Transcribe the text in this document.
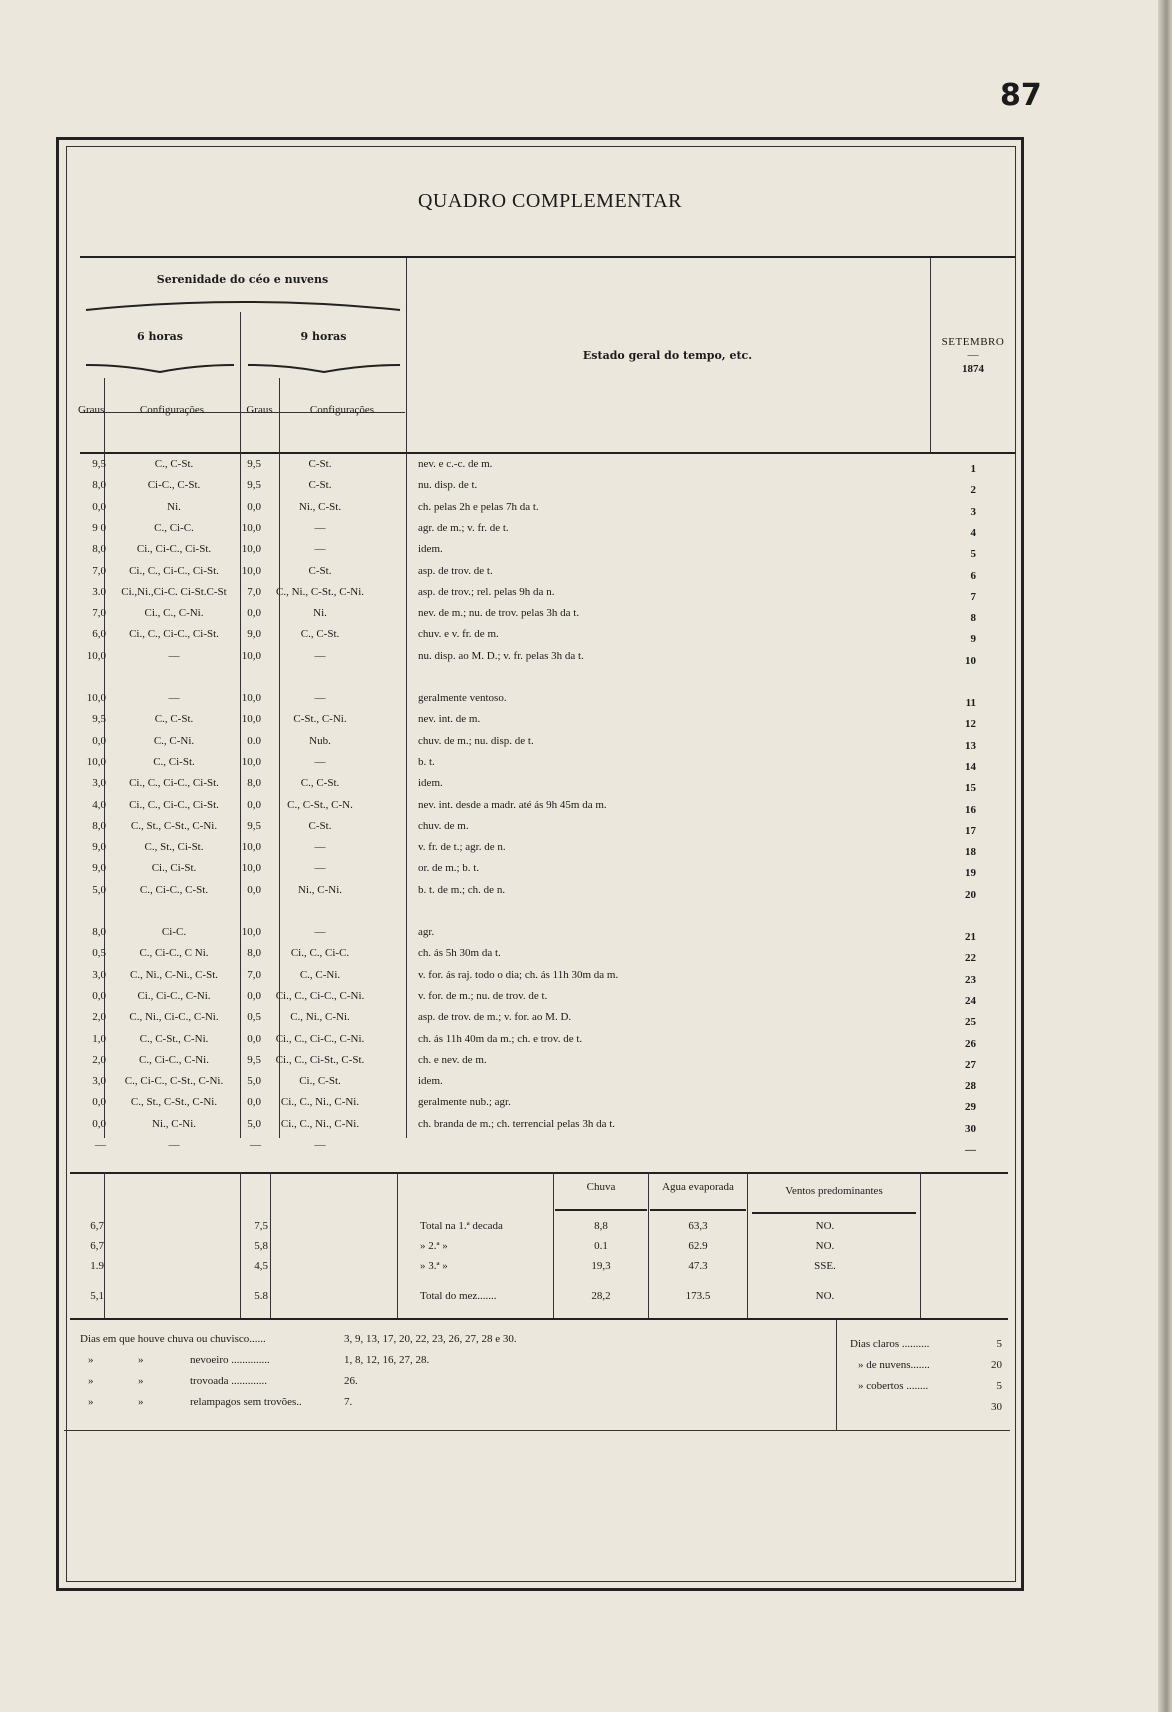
87
QUADRO COMPLEMENTAR
Serenidade do céo e nuvens
6 horas	9 horas
Graus	Configurações	Graus	Configurações
Estado geral do tempo, etc.
SETEMBRO
—
1874
9,5	C., C-St.	9,5	C-St.	nev. e c.-c. de m.	1
8,0	Ci-C., C-St.	9,5	C-St.	nu. disp. de t.	2
0,0	Ni.	0,0	Ni., C-St.	ch. pelas 2h e pelas 7h da t.	3
9 0	C., Ci-C.	10,0	—	agr. de m.; v. fr. de t.	4
8,0	Ci., Ci-C., Ci-St.	10,0	—	idem.	5
7,0	Ci., C., Ci-C., Ci-St.	10,0	C-St.	asp. de trov. de t.	6
3.0	Ci.,Ni.,Ci-C. Ci-St.C-St	7,0	C., Ni., C-St., C-Ni.	asp. de trov.; rel. pelas 9h da n.	7
7,0	Ci., C., C-Ni.	0,0	Ni.	nev. de m.; nu. de trov. pelas 3h da t.	8
6,0	Ci., C., Ci-C., Ci-St.	9,0	C., C-St.	chuv. e v. fr. de m.	9
10,0	—	10,0	—	nu. disp. ao M. D.; v. fr. pelas 3h da t.	10
10,0	—	10,0	—	geralmente ventoso.	11
9,5	C., C-St.	10,0	C-St., C-Ni.	nev. int. de m.	12
0,0	C., C-Ni.	0.0	Nub.	chuv. de m.; nu. disp. de t.	13
10,0	C., Ci-St.	10,0	—	b. t.	14
3,0	Ci., C., Ci-C., Ci-St.	8,0	C., C-St.	idem.	15
4,0	Ci., C., Ci-C., Ci-St.	0,0	C., C-St., C-N.	nev. int. desde a madr. até ás 9h 45m da m.	16
8,0	C., St., C-St., C-Ni.	9,5	C-St.	chuv. de m.	17
9,0	C., St., Ci-St.	10,0	—	v. fr. de t.; agr. de n.	18
9,0	Ci., Ci-St.	10,0	—	or. de m.; b. t.	19
5,0	C., Ci-C., C-St.	0,0	Ni., C-Ni.	b. t. de m.; ch. de n.	20
8,0	Ci-C.	10,0	—	agr.	21
0,5	C., Ci-C., C Ni.	8,0	Ci., C., Ci-C.	ch. ás 5h 30m da t.	22
3,0	C., Ni., C-Ni., C-St.	7,0	C., C-Ni.	v. for. ás raj. todo o dia; ch. ás 11h 30m da m.	23
0,0	Ci., Ci-C., C-Ni.	0,0	Ci., C., Ci-C., C-Ni.	v. for. de m.; nu. de trov. de t.	24
2,0	C., Ni., Ci-C., C-Ni.	0,5	C., Ni., C-Ni.	asp. de trov. de m.; v. for. ao M. D.	25
1,0	C., C-St., C-Ni.	0,0	Ci., C., Ci-C., C-Ni.	ch. ás 11h 40m da m.; ch. e trov. de t.	26
2,0	C., Ci-C., C-Ni.	9,5	Ci., C., Ci-St., C-St.	ch. e nev. de m.	27
3,0	C., Ci-C., C-St., C-Ni.	5,0	Ci., C-St.	idem.	28
0,0	C., St., C-St., C-Ni.	0,0	Ci., C., Ni., C-Ni.	geralmente nub.; agr.	29
0,0	Ni., C-Ni.	5,0	Ci., C., Ni., C-Ni.	ch. branda de m.; ch. terrencial pelas 3h da t.	30
—	—	—	—	—
Chuva	Agua evaporada	Ventos predominantes
6,7	7,5	Total na 1.ª decada	8,8	63,3	NO.
6,7	5,8	» 2.ª »	0.1	62.9	NO.
1.9	4,5	» 3.ª »	19,3	47.3	SSE.
5,1	5.8	Total do mez.......	28,2	173.5	NO.
Dias em que houve chuva ou chuvisco......	3, 9, 13, 17, 20, 22, 23, 26, 27, 28 e 30.
»	»	nevoeiro ..............	1, 8, 12, 16, 27, 28.
»	»	trovoada .............	26.
»	»	relampagos sem trovões..	7.
Dias claros ..........	5
» de nuvens.......	20
» cobertos ........	5
30
